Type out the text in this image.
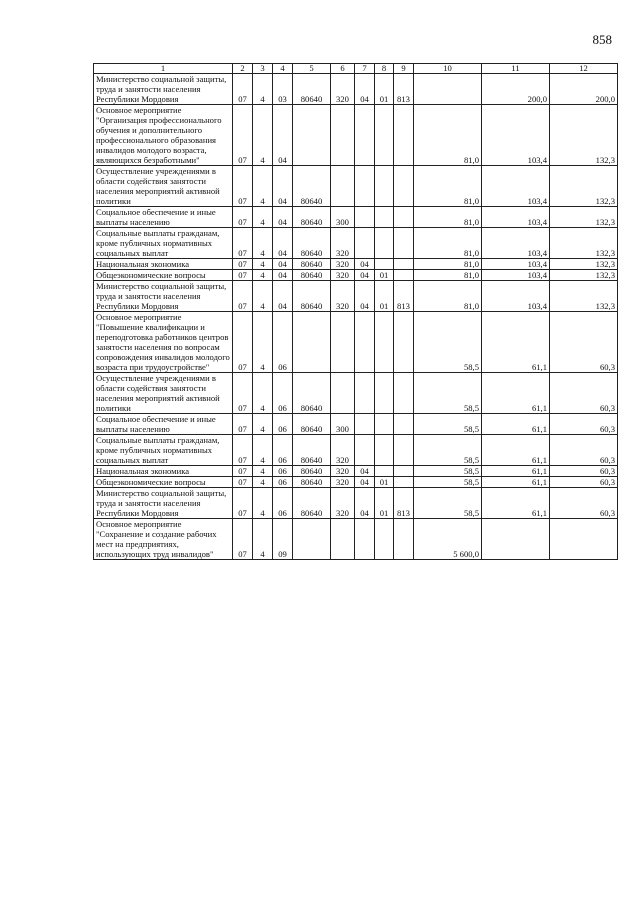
858
1	2	3	4	5	6	7	8	9	10	11	12
Министерство социальной защиты, труда и занятости населения Республики Мордовия	07	4	03	80640	320	04	01	813		200,0	200,0
Основное мероприятие "Организация профессионального обучения и дополнительного профессионального образования инвалидов молодого возраста, являющихся безработными"	07	4	04						81,0	103,4	132,3
Осуществление учреждениями в области содействия занятости населения мероприятий активной политики	07	4	04	80640					81,0	103,4	132,3
Социальное обеспечение и иные выплаты населению	07	4	04	80640	300				81,0	103,4	132,3
Социальные выплаты гражданам, кроме публичных нормативных социальных выплат	07	4	04	80640	320				81,0	103,4	132,3
Национальная экономика	07	4	04	80640	320	04			81,0	103,4	132,3
Общеэкономические вопросы	07	4	04	80640	320	04	01		81,0	103,4	132,3
Министерство социальной защиты, труда и занятости населения Республики Мордовия	07	4	04	80640	320	04	01	813	81,0	103,4	132,3
Основное мероприятие "Повышение квалификации и переподготовка работников центров занятости населения по вопросам сопровождения инвалидов молодого возраста при трудоустройстве"	07	4	06						58,5	61,1	60,3
Осуществление учреждениями в области содействия занятости населения мероприятий активной политики	07	4	06	80640					58,5	61,1	60,3
Социальное обеспечение и иные выплаты населению	07	4	06	80640	300				58,5	61,1	60,3
Социальные выплаты гражданам, кроме публичных нормативных социальных выплат	07	4	06	80640	320				58,5	61,1	60,3
Национальная экономика	07	4	06	80640	320	04			58,5	61,1	60,3
Общеэкономические вопросы	07	4	06	80640	320	04	01		58,5	61,1	60,3
Министерство социальной защиты, труда и занятости населения Республики Мордовия	07	4	06	80640	320	04	01	813	58,5	61,1	60,3
Основное мероприятие "Сохранение и создание рабочих мест на предприятиях, использующих труд инвалидов"	07	4	09						5 600,0		
